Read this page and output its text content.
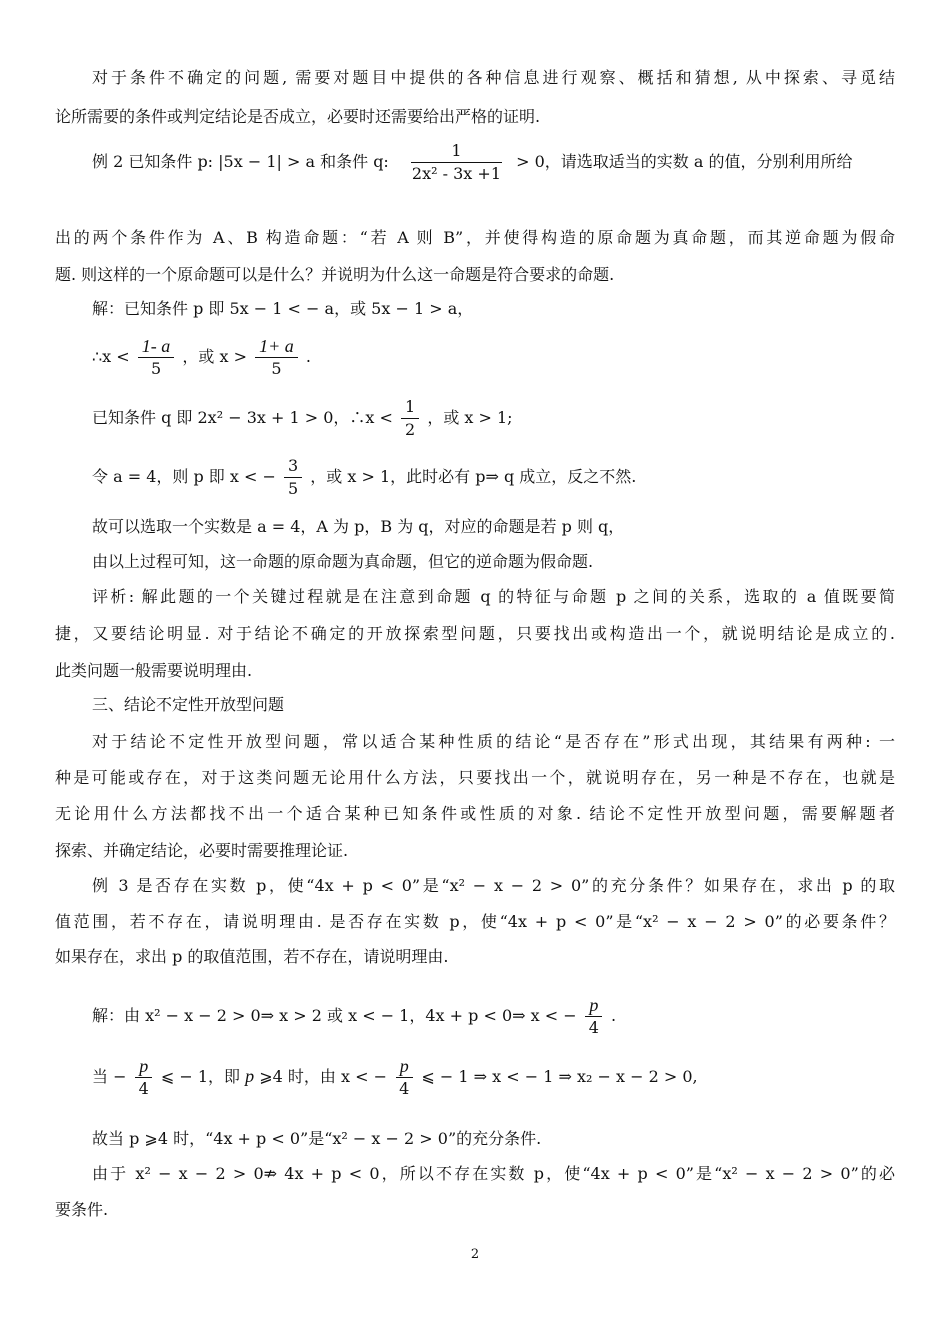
对于条件不确定的问题, 需要对题目中提供的各种信息进行观察、概括和猜想, 从中探索、寻觅结
论所需要的条件或判定结论是否成立，必要时还需要给出严格的证明.
例 2 已知条件 p: |5x − 1| > a 和条件 q: $\frac{1}{\text{2x² - 3x +1}} > 0$，请选取适当的实数 a 的值，分别利用所给
出的两个条件作为 A、B 构造命题：“若 A 则 B”，并使得构造的原命题为真命题，而其逆命题为假命
题. 则这样的一个原命题可以是什么？并说明为什么这一命题是符合要求的命题.
解：已知条件 p 即 5x − 1 < − a，或 5x − 1 > a，
∴x < $\frac{1- a}{5}$ ，或 $x > \frac{1+ a}{5}$ .
已知条件 q 即 2x² − 3x + 1 > 0，∴x < $\frac{1}{2}$ ，或 x > 1;
令 a = 4，则 p 即 x < − $\frac{3}{5}$ ，或 x > 1，此时必有 p⇒ q 成立，反之不然.
故可以选取一个实数是 a = 4，A 为 p，B 为 q，对应的命题是若 p 则 q，
由以上过程可知，这一命题的原命题为真命题，但它的逆命题为假命题.
评析: 解此题的一个关键过程就是在注意到命题 q 的特征与命题 p 之间的关系，选取的 a 值既要简
捷，又要结论明显. 对于结论不确定的开放探索型问题，只要找出或构造出一个，就说明结论是成立的.
此类问题一般需要说明理由.
三、结论不定性开放型问题
对于结论不定性开放型问题，常以适合某种性质的结论“是否存在”形式出现，其结果有两种: 一
种是可能或存在，对于这类问题无论用什么方法，只要找出一个，就说明存在，另一种是不存在，也就是
无论用什么方法都找不出一个适合某种已知条件或性质的对象. 结论不定性开放型问题，需要解题者
探索、并确定结论，必要时需要推理论证.
例 3 是否存在实数 p，使“4x + p < 0”是“x² − x − 2 > 0”的充分条件？如果存在，求出 p 的取
值范围，若不存在，请说明理由. 是否存在实数 p，使“4x + p < 0”是“x² − x − 2 > 0”的必要条件？
如果存在，求出 p 的取值范围，若不存在，请说明理由.
解：由 x² − x − 2 > 0⇒ x > 2 或 x < − 1，4x + p < 0⇒ x < − $\frac{p}{4}$ .
当 − $\frac{p}{4}$ ⩽ − 1，即 p ⩾4 时，由 x < − $\frac{p}{4}$ ⩽ − 1 ⇒ x < − 1 ⇒ x₂ − x − 2 > 0,
故当 p ⩾4 时，“4x + p < 0”是“x² − x − 2 > 0”的充分条件.
由于 x² − x − 2 > 0⇏ 4x + p < 0，所以不存在实数 p，使“4x + p < 0”是“x² − x − 2 > 0”的必
要条件.
2
